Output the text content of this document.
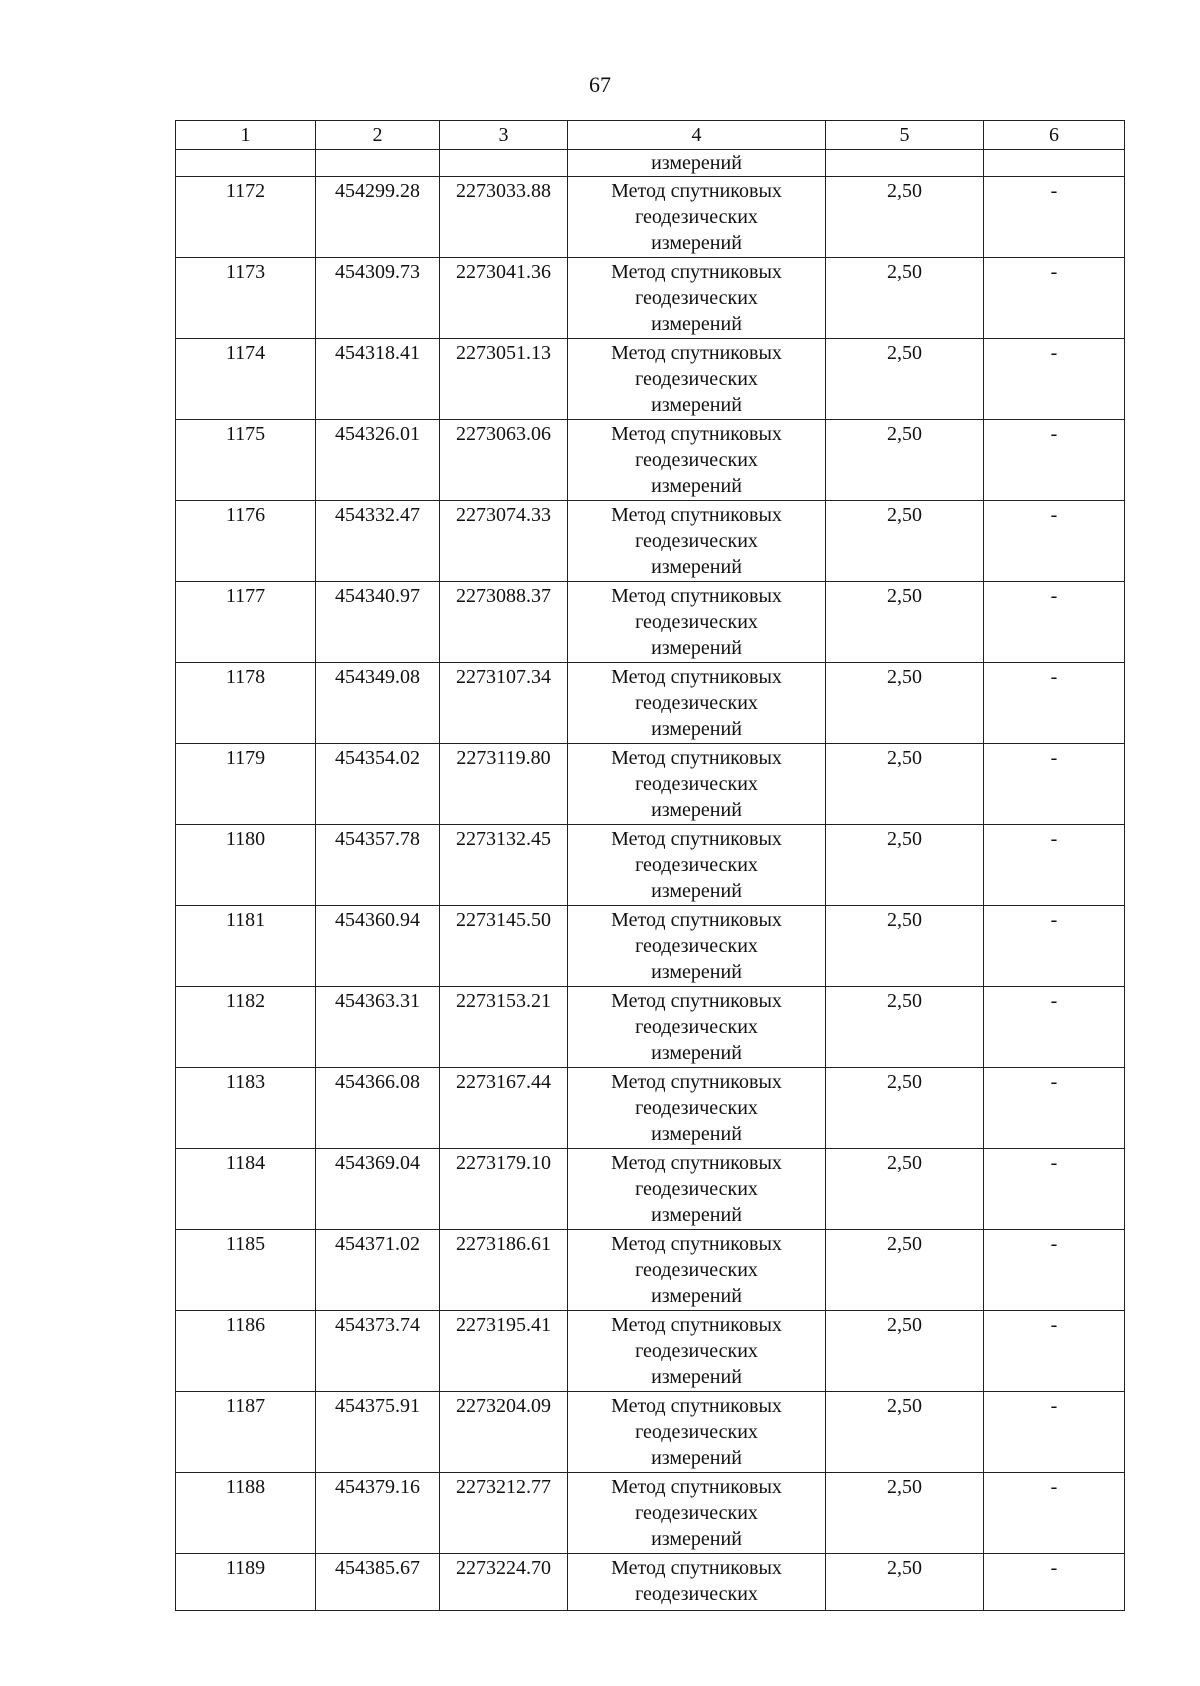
67
1	2	3	4	5	6
			измерений		
1172	454299.28	2273033.88	Метод спутниковых
геодезических
измерений	2,50	-
1173	454309.73	2273041.36	Метод спутниковых
геодезических
измерений	2,50	-
1174	454318.41	2273051.13	Метод спутниковых
геодезических
измерений	2,50	-
1175	454326.01	2273063.06	Метод спутниковых
геодезических
измерений	2,50	-
1176	454332.47	2273074.33	Метод спутниковых
геодезических
измерений	2,50	-
1177	454340.97	2273088.37	Метод спутниковых
геодезических
измерений	2,50	-
1178	454349.08	2273107.34	Метод спутниковых
геодезических
измерений	2,50	-
1179	454354.02	2273119.80	Метод спутниковых
геодезических
измерений	2,50	-
1180	454357.78	2273132.45	Метод спутниковых
геодезических
измерений	2,50	-
1181	454360.94	2273145.50	Метод спутниковых
геодезических
измерений	2,50	-
1182	454363.31	2273153.21	Метод спутниковых
геодезических
измерений	2,50	-
1183	454366.08	2273167.44	Метод спутниковых
геодезических
измерений	2,50	-
1184	454369.04	2273179.10	Метод спутниковых
геодезических
измерений	2,50	-
1185	454371.02	2273186.61	Метод спутниковых
геодезических
измерений	2,50	-
1186	454373.74	2273195.41	Метод спутниковых
геодезических
измерений	2,50	-
1187	454375.91	2273204.09	Метод спутниковых
геодезических
измерений	2,50	-
1188	454379.16	2273212.77	Метод спутниковых
геодезических
измерений	2,50	-
1189	454385.67	2273224.70	Метод спутниковых
геодезических	2,50	-
